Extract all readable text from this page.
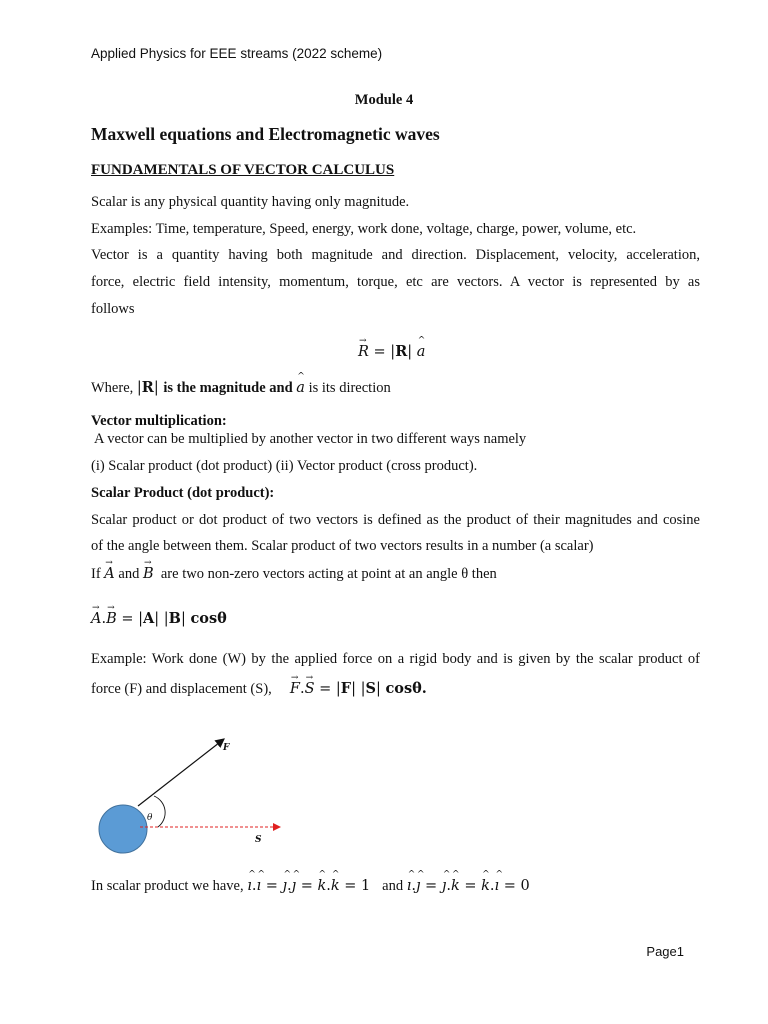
Applied Physics for EEE streams (2022 scheme)
Module 4
Maxwell equations and Electromagnetic waves
FUNDAMENTALS OF VECTOR CALCULUS
Scalar is any physical quantity having only magnitude.
Examples: Time, temperature, Speed, energy, work done, voltage, charge, power, volume, etc.
Vector is a quantity having both magnitude and direction. Displacement, velocity, acceleration,
force, electric field intensity, momentum, torque, etc are vectors. A vector is represented by as
follows
→ R = |R| ^ a
Where, |R| is the magnitude and ^ a is its direction
Vector multiplication:
A vector can be multiplied by another vector in two different ways namely
(i) Scalar product (dot product) (ii) Vector product (cross product).
Scalar Product (dot product):
Scalar product or dot product of two vectors is defined as the product of their magnitudes and cosine
of the angle between them. Scalar product of two vectors results in a number (a scalar)
If → A and → B are two non-zero vectors acting at point at an angle θ then
→ A.→ B = |A| |B| cosθ
Example: Work done (W) by the applied force on a rigid body and is given by the scalar product of
force (F) and displacement (S), → F.→ S = |F| |S| cosθ.
θ
F
S
In scalar product we have, ^ ı.^ ı = ^ ȷ.^ ȷ = ^ k.^ k = 1 and ^ ı.^ ȷ = ^ ȷ.^ k = ^ k.^ ı = 0
Page1
